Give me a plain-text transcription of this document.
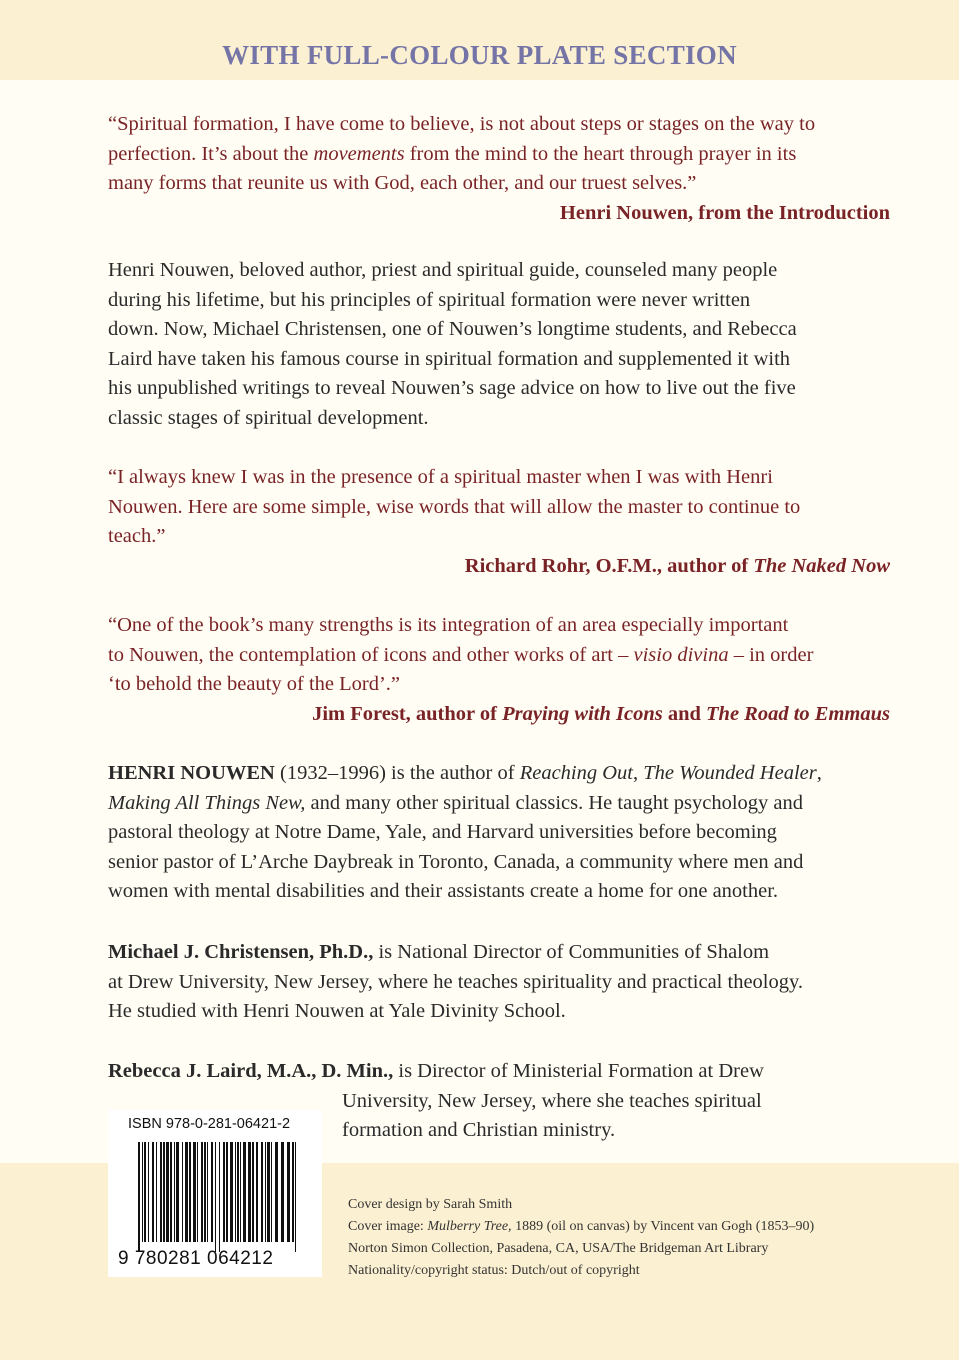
WITH FULL-COLOUR PLATE SECTION
“Spiritual formation, I have come to believe, is not about steps or stages on the way to
perfection. It’s about the movements from the mind to the heart through prayer in its
many forms that reunite us with God, each other, and our truest selves.”
Henri Nouwen, from the Introduction
Henri Nouwen, beloved author, priest and spiritual guide, counseled many people
during his lifetime, but his principles of spiritual formation were never written
down. Now, Michael Christensen, one of Nouwen’s longtime students, and Rebecca
Laird have taken his famous course in spiritual formation and supplemented it with
his unpublished writings to reveal Nouwen’s sage advice on how to live out the five
classic stages of spiritual development.
“I always knew I was in the presence of a spiritual master when I was with Henri
Nouwen. Here are some simple, wise words that will allow the master to continue to
teach.”
Richard Rohr, O.F.M., author of The Naked Now
“One of the book’s many strengths is its integration of an area especially important
to Nouwen, the contemplation of icons and other works of art – visio divina – in order
‘to behold the beauty of the Lord’.”
Jim Forest, author of Praying with Icons and The Road to Emmaus
HENRI NOUWEN (1932–1996) is the author of Reaching Out, The Wounded Healer,
Making All Things New, and many other spiritual classics. He taught psychology and
pastoral theology at Notre Dame, Yale, and Harvard universities before becoming
senior pastor of L’Arche Daybreak in Toronto, Canada, a community where men and
women with mental disabilities and their assistants create a home for one another.
Michael J. Christensen, Ph.D., is National Director of Communities of Shalom
at Drew University, New Jersey, where he teaches spirituality and practical theology.
He studied with Henri Nouwen at Yale Divinity School.
Rebecca J. Laird, M.A., D. Min., is Director of Ministerial Formation at Drew
University, New Jersey, where she teaches spiritual
formation and Christian ministry.
ISBN 978-0-281-06421-2
9 780281 064212
Cover design by Sarah Smith
Cover image: Mulberry Tree, 1889 (oil on canvas) by Vincent van Gogh (1853–90)
Norton Simon Collection, Pasadena, CA, USA/The Bridgeman Art Library
Nationality/copyright status: Dutch/out of copyright
